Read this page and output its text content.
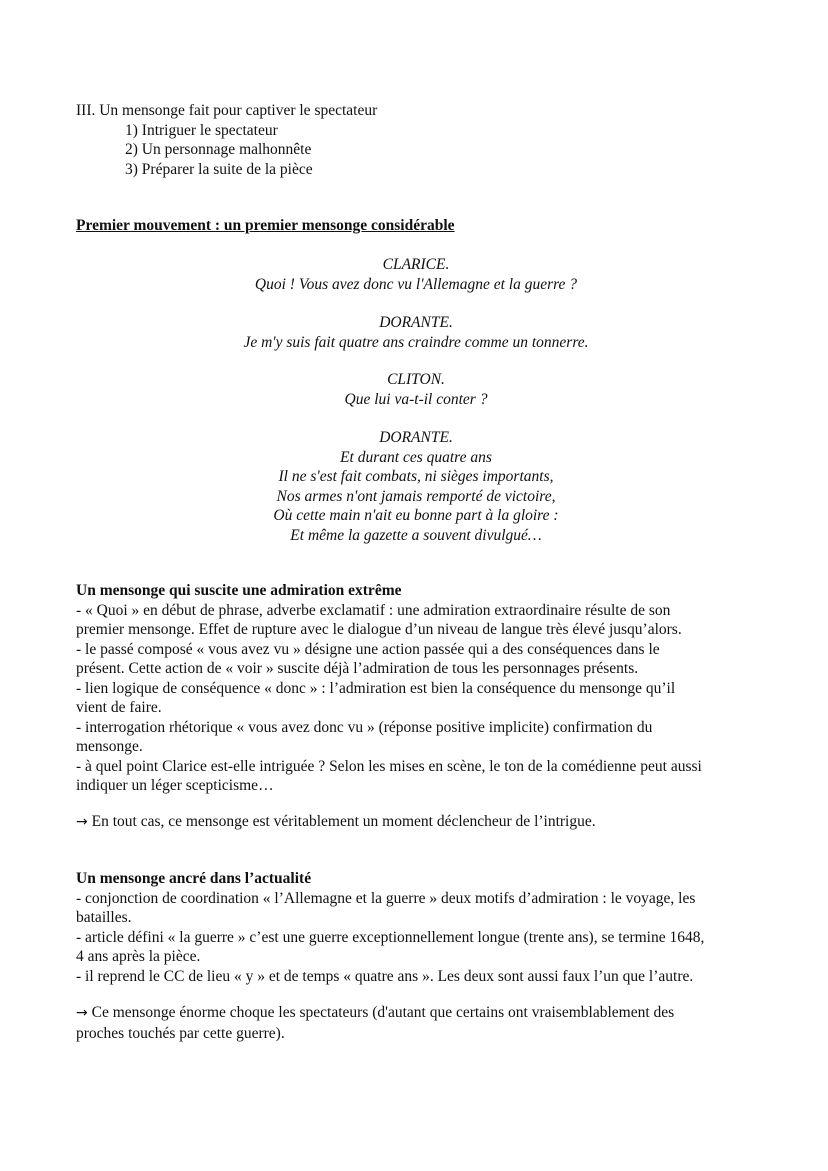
III. Un mensonge fait pour captiver le spectateur
1) Intriguer le spectateur
2) Un personnage malhonnête
3) Préparer la suite de la pièce
Premier mouvement : un premier mensonge considérable
CLARICE.
Quoi ! Vous avez donc vu l'Allemagne et la guerre ?
DORANTE.
Je m'y suis fait quatre ans craindre comme un tonnerre.
CLITON.
Que lui va-t-il conter ?
DORANTE.
Et durant ces quatre ans
Il ne s'est fait combats, ni sièges importants,
Nos armes n'ont jamais remporté de victoire,
Où cette main n'ait eu bonne part à la gloire :
Et même la gazette a souvent divulgué…
Un mensonge qui suscite une admiration extrême
- « Quoi » en début de phrase, adverbe exclamatif : une admiration extraordinaire résulte de son
premier mensonge. Effet de rupture avec le dialogue d’un niveau de langue très élevé jusqu’alors.
- le passé composé « vous avez vu » désigne une action passée qui a des conséquences dans le
présent. Cette action de « voir » suscite déjà l’admiration de tous les personnages présents.
- lien logique de conséquence « donc » : l’admiration est bien la conséquence du mensonge qu’il
vient de faire.
- interrogation rhétorique « vous avez donc vu » (réponse positive implicite) confirmation du
mensonge.
- à quel point Clarice est-elle intriguée ? Selon les mises en scène, le ton de la comédienne peut aussi
indiquer un léger scepticisme…
→ En tout cas, ce mensonge est véritablement un moment déclencheur de l’intrigue.
Un mensonge ancré dans l’actualité
- conjonction de coordination « l’Allemagne et la guerre » deux motifs d’admiration : le voyage, les
batailles.
- article défini « la guerre » c’est une guerre exceptionnellement longue (trente ans), se termine 1648,
4 ans après la pièce.
- il reprend le CC de lieu « y » et de temps « quatre ans ». Les deux sont aussi faux l’un que l’autre.
→ Ce mensonge énorme choque les spectateurs (d'autant que certains ont vraisemblablement des
proches touchés par cette guerre).
